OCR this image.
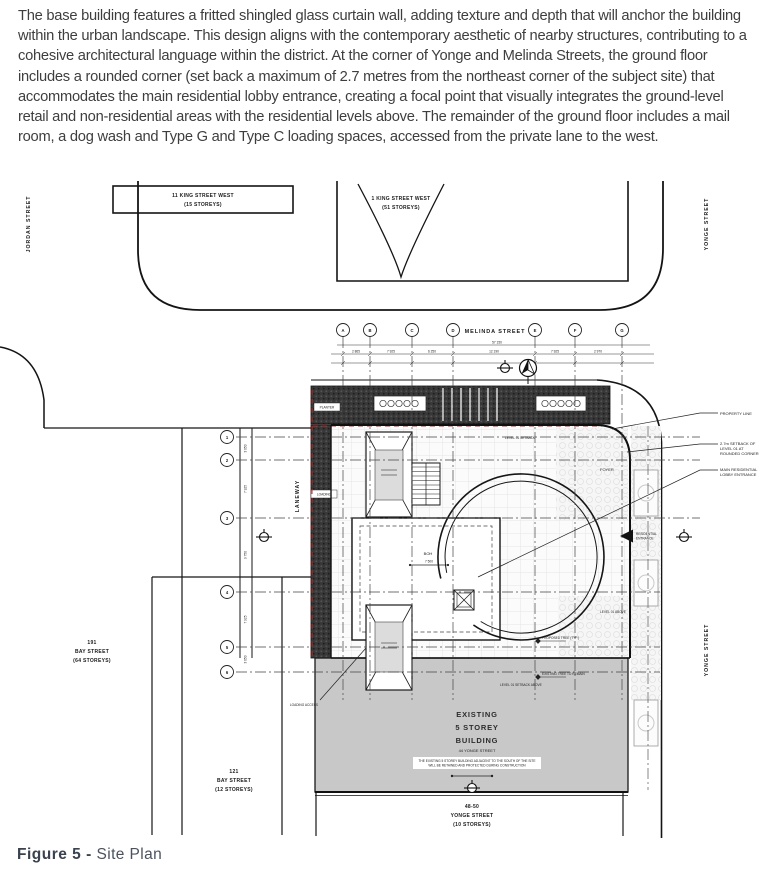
The base building features a fritted shingled glass curtain wall, adding texture and depth that will anchor the building within the urban landscape. This design aligns with the contemporary aesthetic of nearby structures, contributing to a cohesive architectural language within the district. At the corner of Yonge and Melinda Streets, the ground floor includes a rounded corner (set back a maximum of 2.7 metres from the northeast corner of the subject site) that accommodates the main residential lobby entrance, creating a focal point that visually integrates the ground-level retail and non-residential areas with the residential levels above. The remainder of the ground floor includes a mail room, a dog wash and Type G and Type C loading spaces, accessed from the private lane to the west.
A	B	C	D	E	F	G
2 865	7 925	6 250	12 190	7 925	2 970
57 150
1
2
3
4
5
6
3 050
7 925
9 750
7 925
3 050
JORDAN STREET	YONGE STREET
YONGE STREET
LANEWAY
MELINDA STREET
11 KING STREET WEST
(15 STOREYS)
1 KING STREET WEST
(51 STOREYS)
191
BAY STREET
(64 STOREYS)
121
BAY STREET
(12 STOREYS)
EXISTING
5 STOREY
BUILDING
44 YONGE STREET
THE EXISTING 5 STOREY BUILDING ADJACENT TO THE SOUTH OF THE SITE
WILL BE RETAINED AND PROTECTED DURING CONSTRUCTION
48-50
YONGE STREET
(10 STOREYS)
PROPERTY LINE
2.7m SETBACK OF
LEVEL 01 AT
ROUNDED CORNER
MAIN RESIDENTIAL
LOBBY ENTRANCE
RESIDENTIAL
ENTRANCE
PLANTER
LOADING
FOYER
BOH
7 500
LEVEL 01 SETBACK
LEVEL 01 ABOVE
LEVEL 01 SETBACK ABOVE
PROPOSED TREE (TYP.)
EXISTING TREE TO REMAIN
LOADING ACCESS
Figure 5 - Site Plan
